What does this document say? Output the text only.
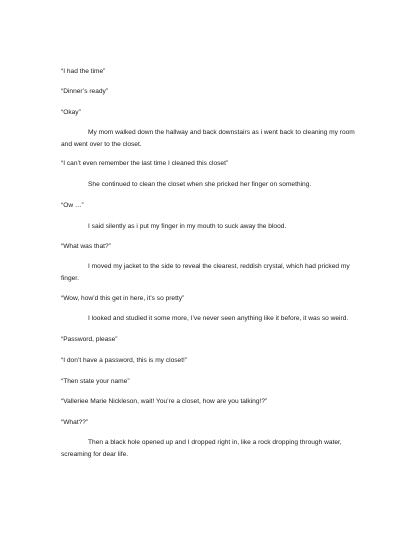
“I had the time”
“Dinner’s ready”
“Okay”
My mom walked down the hallway and back downstairs as i went back to cleaning my room and went over to the closet.
“I can’t even remember the last time I cleaned this closet”
She continued to clean the closet when she pricked her finger on something.
“Ow …”
I said silently as i put my finger in my mouth to suck away the blood.
“What was that?”
I moved my jacket to the side to reveal the clearest, reddish crystal, which had pricked my finger.
“Wow, how’d this get in here, it’s so pretty”
I looked and studied it some more, I’ve never seen anything like it before, it was so weird.
“Password, please”
“I don’t have a password, this is my closet!”
“Then state your name”
“Valleriee Marie Nickleson, wait! You’re a closet, how are you talking!?”
“What??”
Then a black hole opened up and I dropped right in, like a rock dropping through water, screaming for dear life.
